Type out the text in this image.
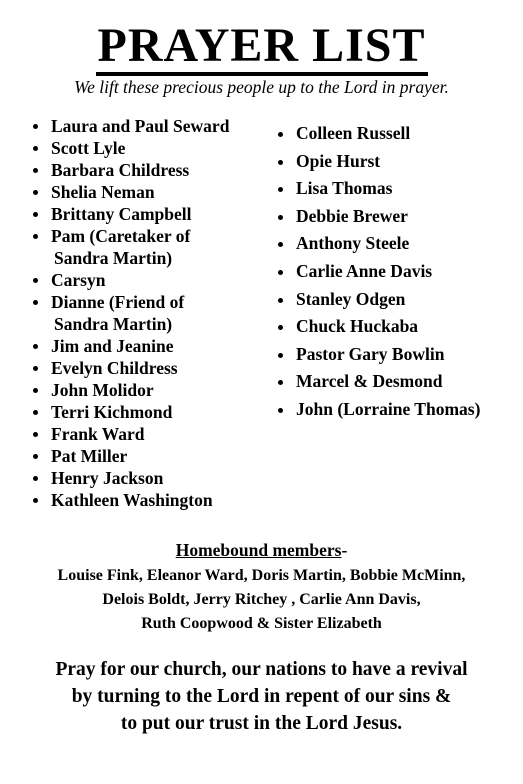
PRAYER LIST
We lift these precious people up to the Lord in prayer.
Laura and Paul Seward
Scott Lyle
Barbara Childress
Shelia Neman
Brittany Campbell
Pam (Caretaker of
Sandra Martin)
Carsyn
Dianne (Friend of
Sandra Martin)
Jim and Jeanine
Evelyn Childress
John Molidor
Terri Kichmond
Frank Ward
Pat Miller
Henry Jackson
Kathleen Washington
Colleen Russell
Opie Hurst
Lisa Thomas
Debbie Brewer
Anthony Steele
Carlie Anne Davis
Stanley Odgen
Chuck Huckaba
Pastor Gary Bowlin
Marcel & Desmond
John (Lorraine Thomas)
Homebound members-
Louise Fink, Eleanor Ward, Doris Martin, Bobbie McMinn,
Delois Boldt, Jerry Ritchey , Carlie Ann Davis,
Ruth Coopwood & Sister Elizabeth
Pray for our church, our nations to have a revival
by turning to the Lord in repent of our sins &
to put our trust in the Lord Jesus.
